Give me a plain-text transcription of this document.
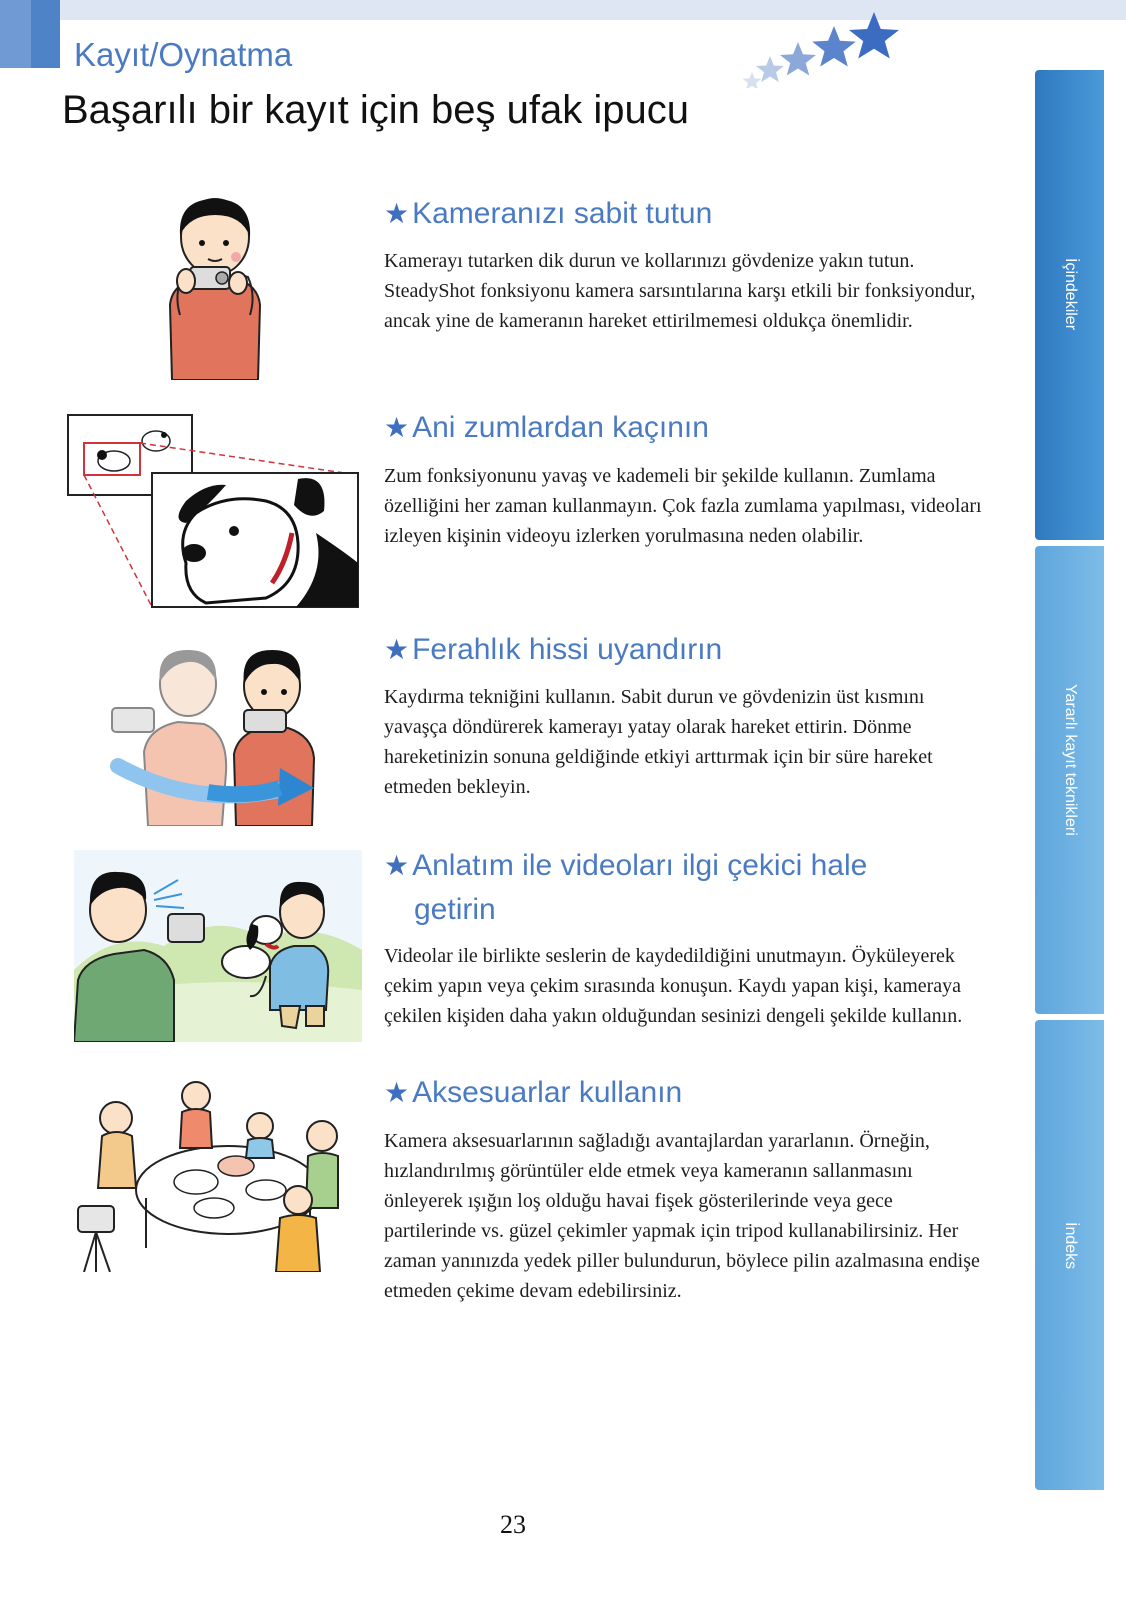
Kayıt/Oynatma
Başarılı bir kayıt için beş ufak ipucu
★ Kameranızı sabit tutun
Kamerayı tutarken dik durun ve kollarınızı gövdenize yakın tutun.
SteadyShot fonksiyonu kamera sarsıntılarına karşı etkili bir fonksiyondur, ancak yine de kameranın hareket ettirilmemesi oldukça önemlidir.
★ Ani zumlardan kaçının
Zum fonksiyonunu yavaş ve kademeli bir şekilde kullanın. Zumlama özelliğini her zaman kullanmayın. Çok fazla zumlama yapılması, videoları izleyen kişinin videoyu izlerken yorulmasına neden olabilir.
★ Ferahlık hissi uyandırın
Kaydırma tekniğini kullanın. Sabit durun ve gövdenizin üst kısmını yavaşça döndürerek kamerayı yatay olarak hareket ettirin. Dönme hareketinizin sonuna geldiğinde etkiyi arttırmak için bir süre hareket etmeden bekleyin.
★ Anlatım ile videoları ilgi çekici hale
getirin
Videolar ile birlikte seslerin de kaydedildiğini unutmayın. Öyküleyerek çekim yapın veya çekim sırasında konuşun. Kaydı yapan kişi, kameraya çekilen kişiden daha yakın olduğundan sesinizi dengeli şekilde kullanın.
★ Aksesuarlar kullanın
Kamera aksesuarlarının sağladığı avantajlardan yararlanın. Örneğin, hızlandırılmış görüntüler elde etmek veya kameranın sallanmasını önleyerek ışığın loş olduğu havai fişek gösterilerinde veya gece partilerinde vs. güzel çekimler yapmak için tripod kullanabilirsiniz. Her zaman yanınızda yedek piller bulundurun, böylece pilin azalmasına endişe etmeden çekime devam edebilirsiniz.
İçindekiler
Yararlı kayıt teknikleri
İndeks
23
